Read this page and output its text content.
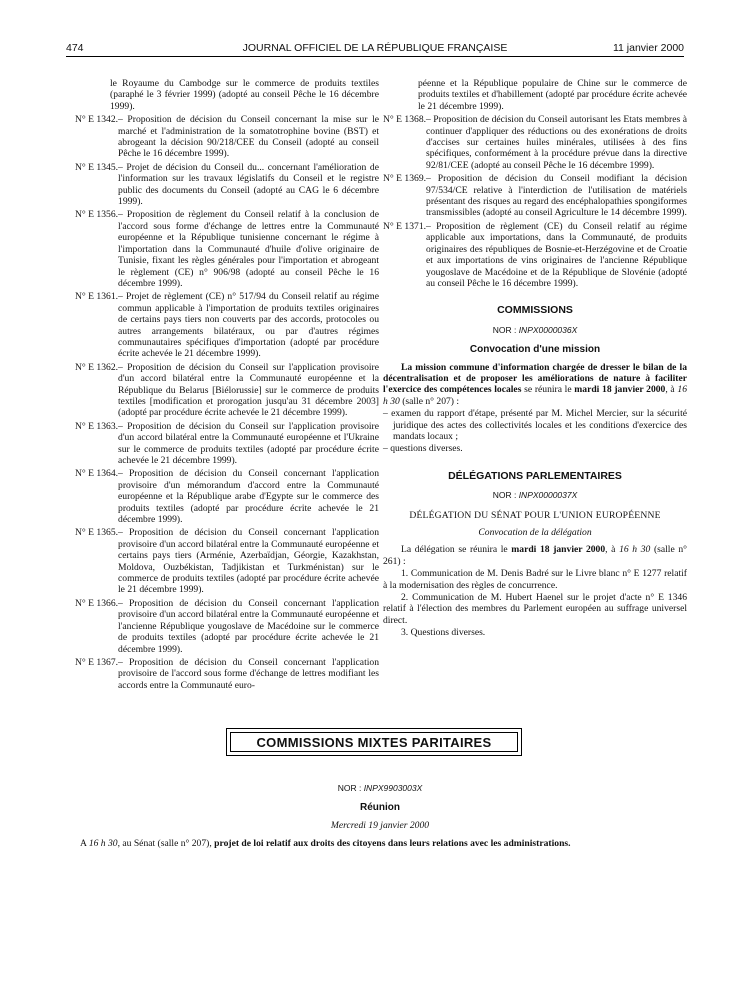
474	JOURNAL OFFICIEL DE LA RÉPUBLIQUE FRANÇAISE	11 janvier 2000
le Royaume du Cambodge sur le commerce de produits textiles (paraphé le 3 février 1999) (adopté au conseil Pêche le 16 décembre 1999).
N° E 1342. – Proposition de décision du Conseil concernant la mise sur le marché et l'administration de la somatotrophine bovine (BST) et abrogeant la décision 90/218/CEE du Conseil (adopté au conseil Pêche le 16 décembre 1999).
N° E 1345. – Projet de décision du Conseil du... concernant l'amélioration de l'information sur les travaux législatifs du Conseil et le registre public des documents du Conseil (adopté au CAG le 6 décembre 1999).
N° E 1356. – Proposition de règlement du Conseil relatif à la conclusion de l'accord sous forme d'échange de lettres entre la Communauté européenne et la République tunisienne concernant le régime à l'importation dans la Communauté d'huile d'olive originaire de Tunisie, fixant les règles générales pour l'importation et abrogeant le règlement (CE) n° 906/98 (adopté au conseil Pêche le 16 décembre 1999).
N° E 1361. – Projet de règlement (CE) n° 517/94 du Conseil relatif au régime commun applicable à l'importation de produits textiles originaires de certains pays tiers non couverts par des accords, protocoles ou autres arrangements bilatéraux, ou par d'autres régimes communautaires spécifiques d'importation (adopté par procédure écrite achevée le 21 décembre 1999).
N° E 1362. – Proposition de décision du Conseil sur l'application provisoire d'un accord bilatéral entre la Communauté européenne et la République du Belarus [Biélorussie] sur le commerce de produits textiles [modification et prorogation jusqu'au 31 décembre 2003] (adopté par procédure écrite achevée le 21 décembre 1999).
N° E 1363. – Proposition de décision du Conseil sur l'application provisoire d'un accord bilatéral entre la Communauté européenne et l'Ukraine sur le commerce de produits textiles (adopté par procédure écrite achevée le 21 décembre 1999).
N° E 1364. – Proposition de décision du Conseil concernant l'application provisoire d'un mémorandum d'accord entre la Communauté européenne et la République arabe d'Egypte sur le commerce des produits textiles (adopté par procédure écrite achevée le 21 décembre 1999).
N° E 1365. – Proposition de décision du Conseil concernant l'application provisoire d'un accord bilatéral entre la Communauté européenne et certains pays tiers (Arménie, Azerbaïdjan, Géorgie, Kazakhstan, Moldova, Ouzbékistan, Tadjikistan et Turkménistan) sur le commerce de produits textiles (adopté par procédure écrite achevée le 21 décembre 1999).
N° E 1366. – Proposition de décision du Conseil concernant l'application provisoire d'un accord bilatéral entre la Communauté européenne et l'ancienne République yougoslave de Macédoine sur le commerce de produits textiles (adopté par procédure écrite achevée le 21 décembre 1999).
N° E 1367. – Proposition de décision du Conseil concernant l'application provisoire de l'accord sous forme d'échange de lettres modifiant les accords entre la Communauté euro-
péenne et la République populaire de Chine sur le commerce de produits textiles et d'habillement (adopté par procédure écrite achevée le 21 décembre 1999).
N° E 1368. – Proposition de décision du Conseil autorisant les Etats membres à continuer d'appliquer des réductions ou des exonérations de droits d'accises sur certaines huiles minérales, utilisées à des fins spécifiques, conformément à la procédure prévue dans la directive 92/81/CEE (adopté au conseil Pêche le 16 décembre 1999).
N° E 1369. – Proposition de décision du Conseil modifiant la décision 97/534/CE relative à l'interdiction de l'utilisation de matériels présentant des risques au regard des encéphalopathies spongiformes transmissibles (adopté au conseil Agriculture le 14 décembre 1999).
N° E 1371. – Proposition de règlement (CE) du Conseil relatif au régime applicable aux importations, dans la Communauté, de produits originaires des républiques de Bosnie-et-Herzégovine et de Croatie et aux importations de vins originaires de l'ancienne République yougoslave de Macédoine et de la République de Slovénie (adopté au conseil Pêche le 16 décembre 1999).
COMMISSIONS
NOR : INPX0000036X
Convocation d'une mission
La mission commune d'information chargée de dresser le bilan de la décentralisation et de proposer les améliorations de nature à faciliter l'exercice des compétences locales se réunira le mardi 18 janvier 2000, à 16 h 30 (salle n° 207) :
– examen du rapport d'étape, présenté par M. Michel Mercier, sur la sécurité juridique des actes des collectivités locales et les conditions d'exercice des mandats locaux ;
– questions diverses.
DÉLÉGATIONS PARLEMENTAIRES
NOR : INPX0000037X
DÉLÉGATION DU SÉNAT POUR L'UNION EUROPÉENNE
Convocation de la délégation
La délégation se réunira le mardi 18 janvier 2000, à 16 h 30 (salle n° 261) :
1. Communication de M. Denis Badré sur le Livre blanc n° E 1277 relatif à la modernisation des règles de concurrence.
2. Communication de M. Hubert Haenel sur le projet d'acte n° E 1346 relatif à l'élection des membres du Parlement européen au suffrage universel direct.
3. Questions diverses.
COMMISSIONS MIXTES PARITAIRES
NOR : INPX9903003X
Réunion
Mercredi 19 janvier 2000
A 16 h 30, au Sénat (salle n° 207), projet de loi relatif aux droits des citoyens dans leurs relations avec les administrations.
